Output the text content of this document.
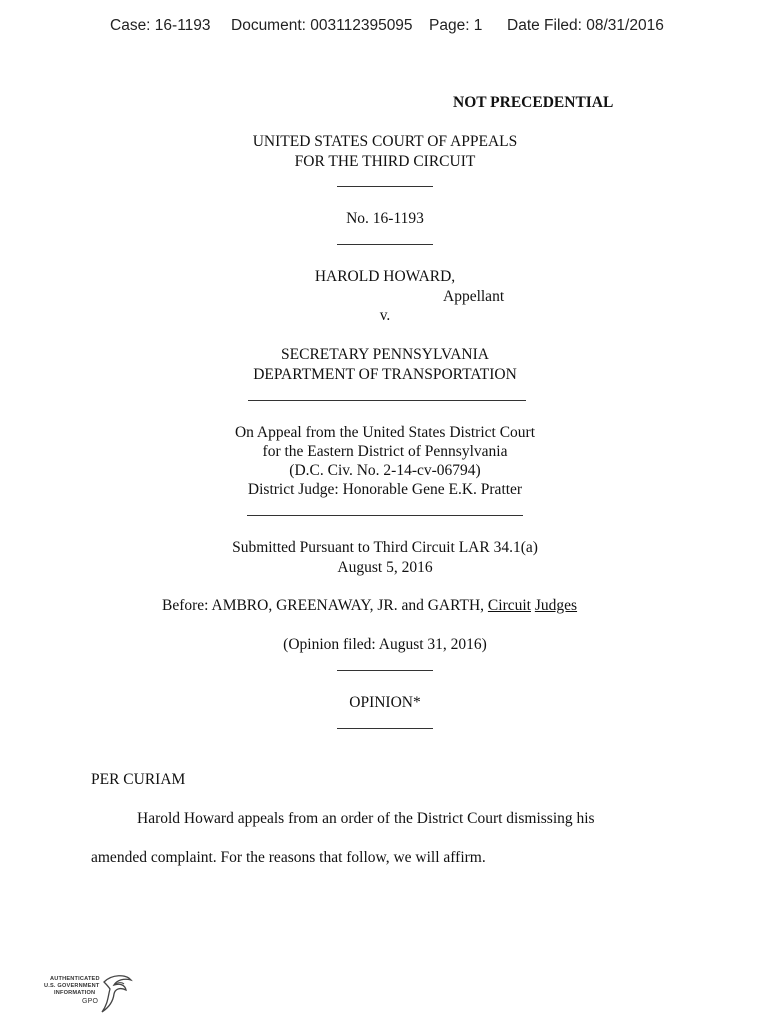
Case: 16-1193 Document: 003112395095 Page: 1 Date Filed: 08/31/2016
NOT PRECEDENTIAL
UNITED STATES COURT OF APPEALS
FOR THE THIRD CIRCUIT
No. 16-1193
HAROLD HOWARD,
Appellant
v.
SECRETARY PENNSYLVANIA
DEPARTMENT OF TRANSPORTATION
On Appeal from the United States District Court
for the Eastern District of Pennsylvania
(D.C. Civ. No. 2-14-cv-06794)
District Judge: Honorable Gene E.K. Pratter
Submitted Pursuant to Third Circuit LAR 34.1(a)
August 5, 2016
Before: AMBRO, GREENAWAY, JR. and GARTH, Circuit Judges
(Opinion filed: August 31, 2016)
OPINION*
PER CURIAM
Harold Howard appeals from an order of the District Court dismissing his
amended complaint. For the reasons that follow, we will affirm.
AUTHENTICATED
U.S. GOVERNMENT
INFORMATION
GPO
